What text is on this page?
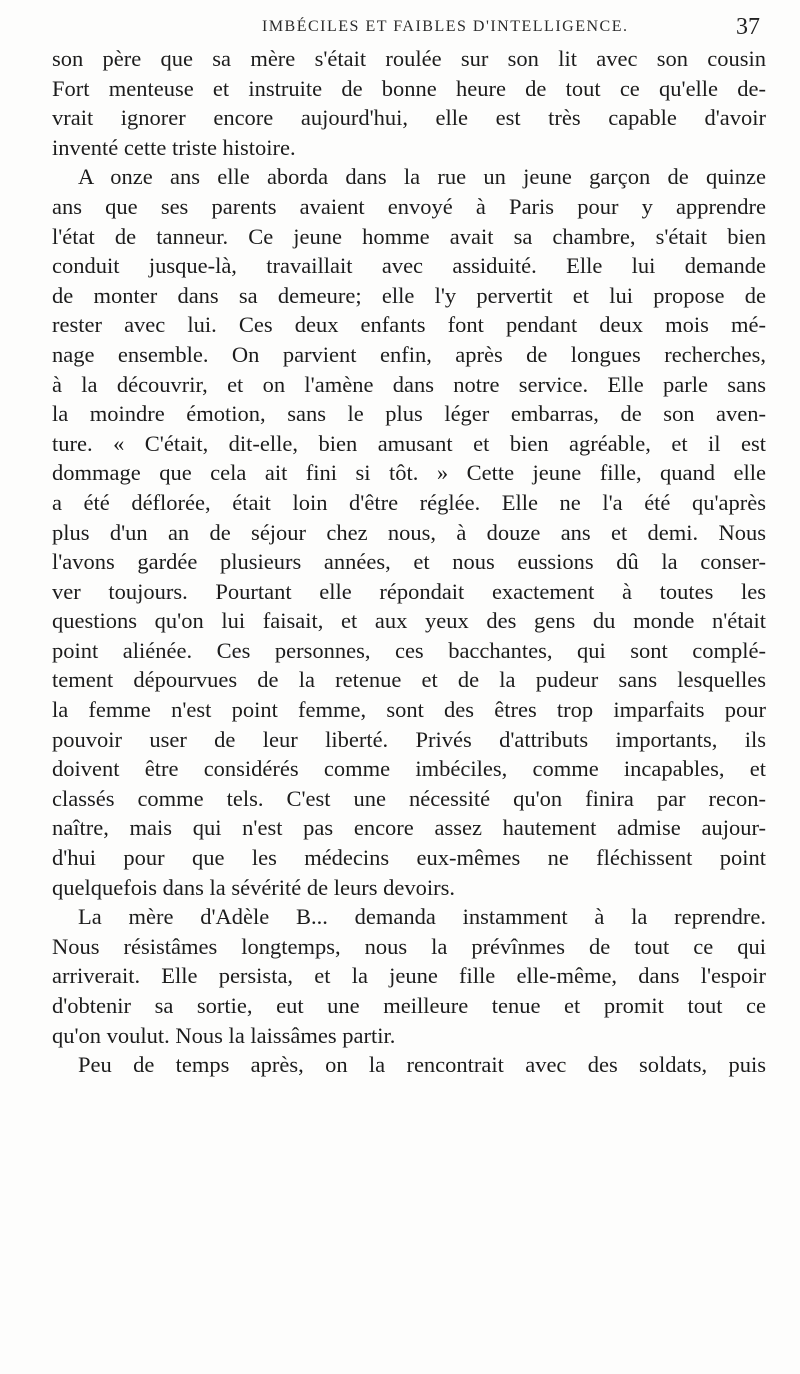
IMBÉCILES ET FAIBLES D'INTELLIGENCE.	37
son père que sa mère s'était roulée sur son lit avec son cousin
Fort menteuse et instruite de bonne heure de tout ce qu'elle de-
vrait ignorer encore aujourd'hui, elle est très capable d'avoir
inventé cette triste histoire.
A onze ans elle aborda dans la rue un jeune garçon de quinze
ans que ses parents avaient envoyé à Paris pour y apprendre
l'état de tanneur. Ce jeune homme avait sa chambre, s'était bien
conduit jusque-là, travaillait avec assiduité. Elle lui demande
de monter dans sa demeure; elle l'y pervertit et lui propose de
rester avec lui. Ces deux enfants font pendant deux mois mé-
nage ensemble. On parvient enfin, après de longues recherches,
à la découvrir, et on l'amène dans notre service. Elle parle sans
la moindre émotion, sans le plus léger embarras, de son aven-
ture. « C'était, dit-elle, bien amusant et bien agréable, et il est
dommage que cela ait fini si tôt. » Cette jeune fille, quand elle
a été déflorée, était loin d'être réglée. Elle ne l'a été qu'après
plus d'un an de séjour chez nous, à douze ans et demi. Nous
l'avons gardée plusieurs années, et nous eussions dû la conser-
ver toujours. Pourtant elle répondait exactement à toutes les
questions qu'on lui faisait, et aux yeux des gens du monde n'était
point aliénée. Ces personnes, ces bacchantes, qui sont complé-
tement dépourvues de la retenue et de la pudeur sans lesquelles
la femme n'est point femme, sont des êtres trop imparfaits pour
pouvoir user de leur liberté. Privés d'attributs importants, ils
doivent être considérés comme imbéciles, comme incapables, et
classés comme tels. C'est une nécessité qu'on finira par recon-
naître, mais qui n'est pas encore assez hautement admise aujour-
d'hui pour que les médecins eux-mêmes ne fléchissent point
quelquefois dans la sévérité de leurs devoirs.
La mère d'Adèle B... demanda instamment à la reprendre.
Nous résistâmes longtemps, nous la prévînmes de tout ce qui
arriverait. Elle persista, et la jeune fille elle-même, dans l'espoir
d'obtenir sa sortie, eut une meilleure tenue et promit tout ce
qu'on voulut. Nous la laissâmes partir.
Peu de temps après, on la rencontrait avec des soldats, puis
